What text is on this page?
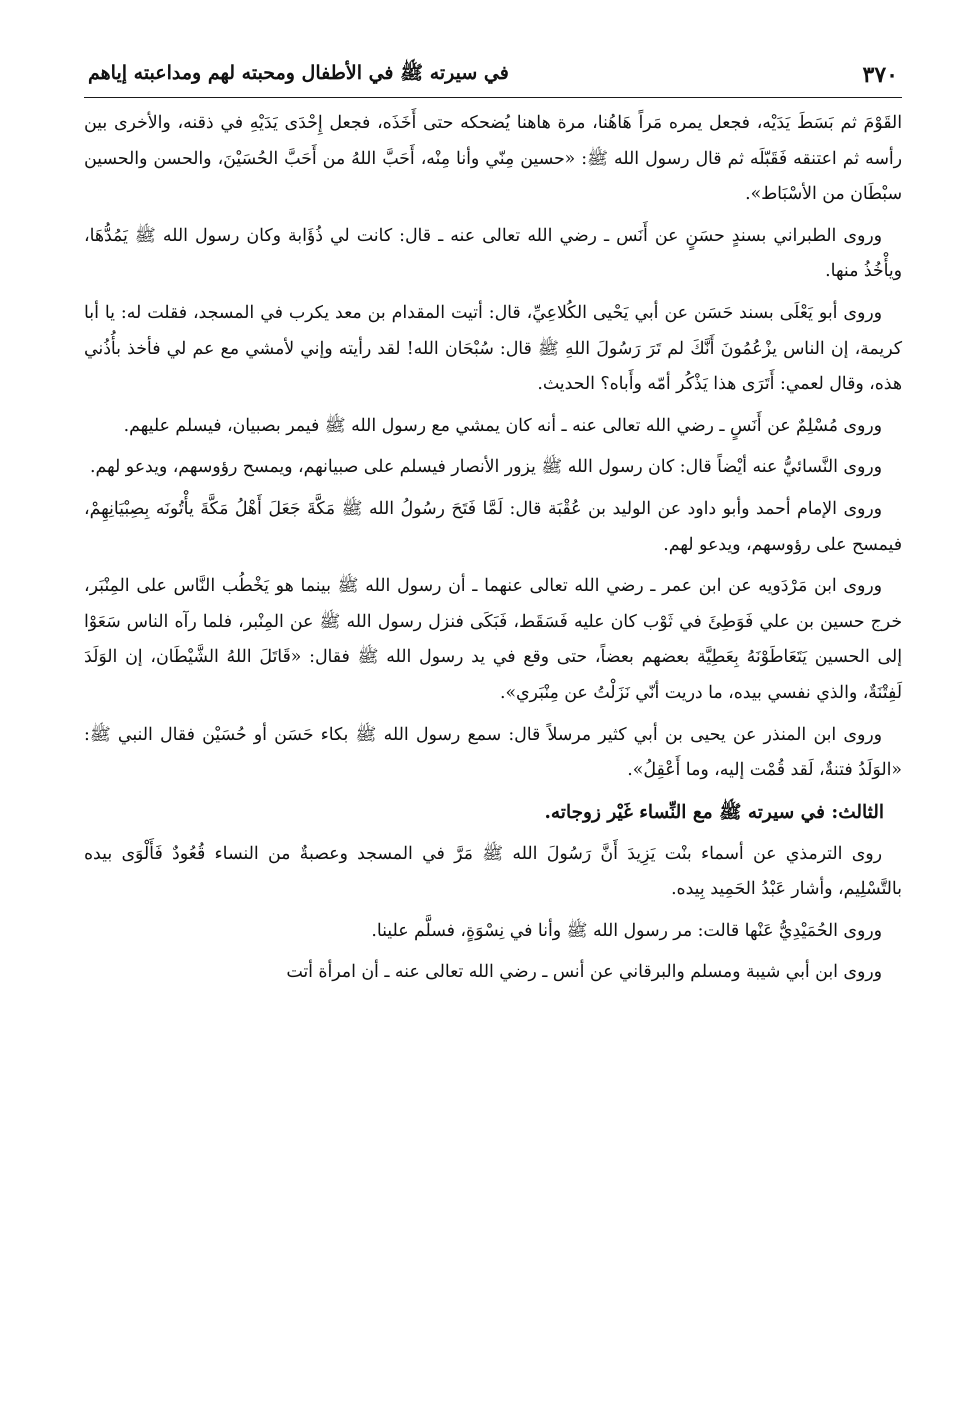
٣٧٠
في سيرته ﷺ في الأطفال ومحبته لهم ومداعبته إياهم

القَوْمَ ثم بَسَطَ يَدَيْه، فجعل يمره مَراً هَاهُنا، مرة هاهنا يُضحكه حتى أَخَذَه، فجعل إِحْدَى يَدَيْهِ في ذقنه، والأخرى بين رأسه ثم اعتنقه فَقَبّلَه ثم قال رسول الله ﷺ: «حسين مِنّي وأنا مِنْه، أَحَبَّ اللهُ من أَحَبَّ الحُسَيْنَ، والحسن والحسين سبْطَان من الأسْبَاط».

وروى الطبراني بسندٍ حسَنٍ عن أَنَس ـ رضي الله تعالى عنه ـ قال: كانت لي ذُؤَابة وكان رسول الله ﷺ يَمُدُّهَا، ويأْخُذُ منها.

وروى أبو يَعْلَى بسند حَسَن عن أبي يَحْيى الكُلاعِيِّ، قال: أتيت المقدام بن معد يكرب في المسجد، فقلت له: يا أبا كريمة، إن الناس يزْعُمُونَ أَنَّكَ لم تَرَ رَسُولَ اللهِ ﷺ قال: سُبْحَان الله! لقد رأيته وإني لأمشي مع عم لي فأخذ بأُذُني هذه، وقال لعمي: أَتَرَى هذا يَذْكُر أمّه وأَباه؟ الحديث.

وروى مُسْلِمٌ عن أَنَسٍ ـ رضي الله تعالى عنه ـ أنه كان يمشي مع رسول الله ﷺ فيمر بصبيان، فيسلم عليهم.

وروى النَّسائيُّ عنه أيْضاً قال: كان رسول الله ﷺ يزور الأنصار فيسلم على صبيانهم، ويمسح رؤوسهم، ويدعو لهم.

وروى الإمام أحمد وأبو داود عن الوليد بن عُقْبَة قال: لَمَّا فَتَحَ رسُولُ الله ﷺ مَكَّةَ جَعَلَ أَهْلُ مَكَّةَ يأْتُونَه بِصِبْيَانِهِمْ، فيمسح على رؤوسهم، ويدعو لهم.

وروى ابن مَرْدَويه عن ابن عمر ـ رضي الله تعالى عنهما ـ أن رسول الله ﷺ بينما هو يَخْطُب النَّاس على المِنْبَر، خرج حسين بن علي فَوَطِئَ في ثَوْب كان عليه فَسَقَط، فَبَكَى فنزل رسول الله ﷺ عن المِنْبر، فلما رآه الناس سَعَوْا إلى الحسين يَتَعَاطَوْنَهُ بِعَطِيَّة بعضهم بعضاً، حتى وقع في يد رسول الله ﷺ فقال: «قَاتَلَ اللهُ الشَّيْطَان، إن الوَلَدَ لَفِتْنَةٌ، والذي نفسي بيده، ما دريت أنّي نَزَلْتُ عن مِنْبَري».

وروى ابن المنذر عن يحيى بن أبي كثير مرسلاً قال: سمع رسول الله ﷺ بكاء حَسَن أو حُسَيْن فقال النبي ﷺ: «الوَلَدُ فتنةٌ، لَقد قُمْت إليه، وما أَعْقِلُ».

الثالث: في سيرته ﷺ مع النِّساء غَيْر زوجاته.

روى الترمذي عن أسماء بنْت يَزِيدَ أَنَّ رَسُولَ الله ﷺ مَرَّ في المسجد وعصبةٌ من النساء قُعُودٌ فَأَلْوَى بيده بالتَّسْلِيم، وأشار عَبْدُ الحَمِيد بِيده.

وروى الحُمَيْدِيُّ عَنْها قالت: مر رسول الله ﷺ وأنا في نِسْوَةٍ، فسلَّم علينا.

وروى ابن أبي شيبة ومسلم والبرقاني عن أنس ـ رضي الله تعالى عنه ـ أن امرأة أتت
